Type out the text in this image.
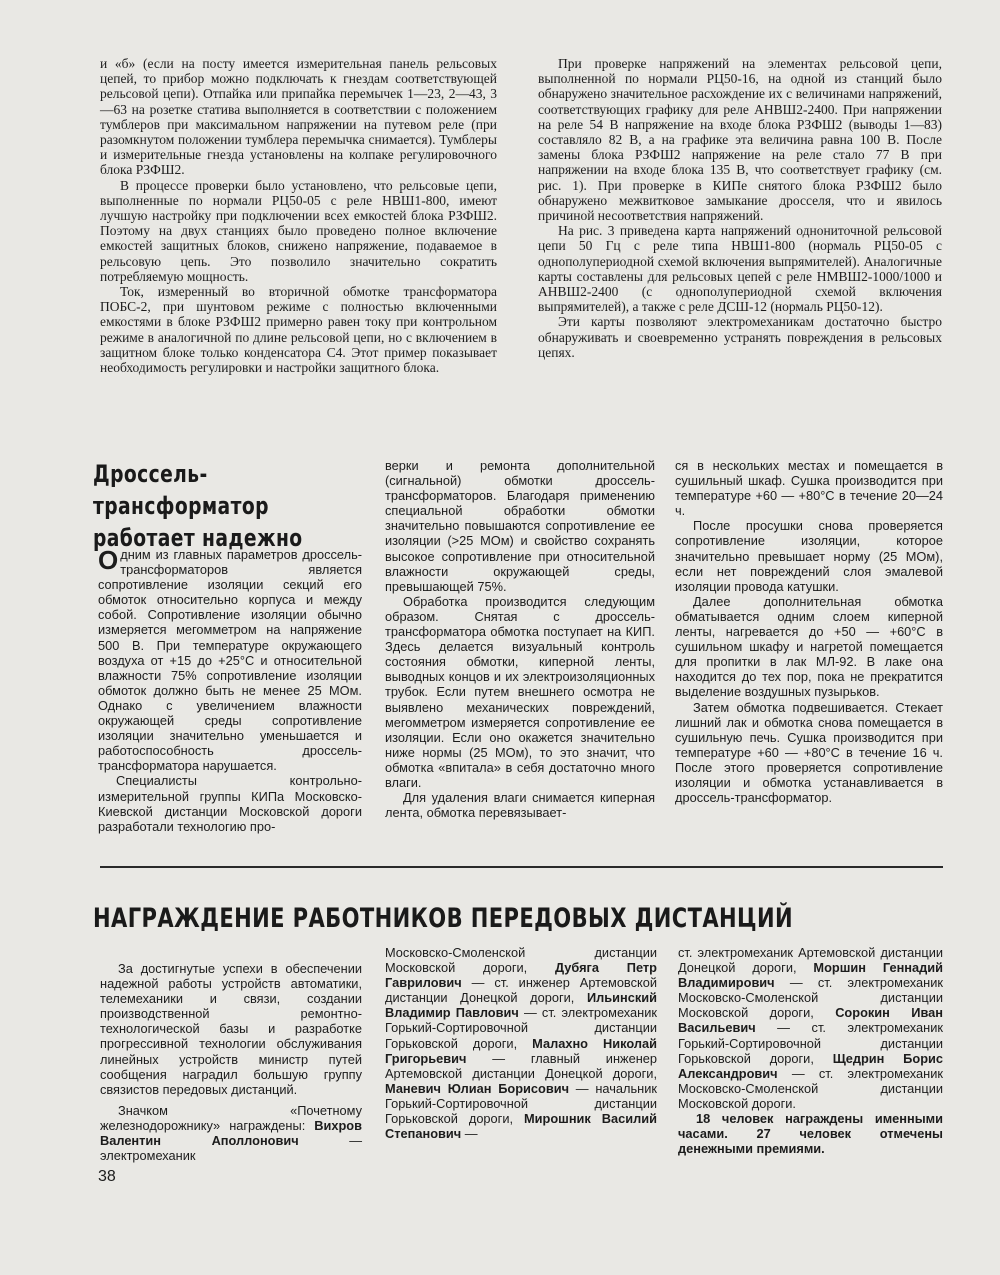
и «б» (если на посту имеется измерительная панель рельсовых цепей, то прибор можно подключать к гнездам соответствующей рельсовой цепи). Отпайка или припайка перемычек 1—23, 2—43, 3—63 на розетке статива выполняется в соответствии с положением тумблеров при максимальном напряжении на путевом реле (при разомкнутом положении тумблера перемычка снимается). Тумблеры и измерительные гнезда установлены на колпаке регулировочного блока РЗФШ2.

В процессе проверки было установлено, что рельсовые цепи, выполненные по нормали РЦ50-05 с реле НВШ1-800, имеют лучшую настройку при подключении всех емкостей блока РЗФШ2. Поэтому на двух станциях было проведено полное включение емкостей защитных блоков, снижено напряжение, подаваемое в рельсовую цепь. Это позволило значительно сократить потребляемую мощность.

Ток, измеренный во вторичной обмотке трансформатора ПОБС-2, при шунтовом режиме с полностью включенными емкостями в блоке РЗФШ2 примерно равен току при контрольном режиме в аналогичной по длине рельсовой цепи, но с включением в защитном блоке только конденсатора С4. Этот пример показывает необходимость регулировки и настройки защитного блока.

При проверке напряжений на элементах рельсовой цепи, выполненной по нормали РЦ50-16, на одной из станций было обнаружено значительное расхождение их с величинами напряжений, соответствующих графику для реле АНВШ2-2400. При напряжении на реле 54 В напряжение на входе блока РЗФШ2 (выводы 1—83) составляло 82 В, а на графике эта величина равна 100 В. После замены блока РЗФШ2 напряжение на реле стало 77 В при напряжении на входе блока 135 В, что соответствует графику (см. рис. 1). При проверке в КИПе снятого блока РЗФШ2 было обнаружено межвитковое замыкание дросселя, что и явилось причиной несоответствия напряжений.

На рис. 3 приведена карта напряжений однониточной рельсовой цепи 50 Гц с реле типа НВШ1-800 (нормаль РЦ50-05 с однополупериодной схемой включения выпрямителей). Аналогичные карты составлены для рельсовых цепей с реле НМВШ2-1000/1000 и АНВШ2-2400 (с однополупериодной схемой включения выпрямителей), а также с реле ДСШ-12 (нормаль РЦ50-12).

Эти карты позволяют электромеханикам достаточно быстро обнаруживать и своевременно устранять повреждения в рельсовых цепях.

Дроссель-трансформатор
работает надежно

Одним из главных параметров дроссель-трансформаторов является сопротивление изоляции секций его обмоток относительно корпуса и между собой. Сопротивление изоляции обычно измеряется мегомметром на напряжение 500 В. При температуре окружающего воздуха от +15 до +25°С и относительной влажности 75% сопротивление изоляции обмоток должно быть не менее 25 МОм. Однако с увеличением влажности окружающей среды сопротивление изоляции значительно уменьшается и работоспособность дроссель-трансформатора нарушается.

Специалисты контрольно-измерительной группы КИПа Московско-Киевской дистанции Московской дороги разработали технологию про-

верки и ремонта дополнительной (сигнальной) обмотки дроссель-трансформаторов. Благодаря применению специальной обработки обмотки значительно повышаются сопротивление ее изоляции (>25 МОм) и свойство сохранять высокое сопротивление при относительной влажности окружающей среды, превышающей 75%.

Обработка производится следующим образом. Снятая с дроссель-трансформатора обмотка поступает на КИП. Здесь делается визуальный контроль состояния обмотки, киперной ленты, выводных концов и их электроизоляционных трубок. Если путем внешнего осмотра не выявлено механических повреждений, мегомметром измеряется сопротивление ее изоляции. Если оно окажется значительно ниже нормы (25 МОм), то это значит, что обмотка «впитала» в себя достаточно много влаги.

Для удаления влаги снимается киперная лента, обмотка перевязывает-

ся в нескольких местах и помещается в сушильный шкаф. Сушка производится при температуре +60 — +80°С в течение 20—24 ч.

После просушки снова проверяется сопротивление изоляции, которое значительно превышает норму (25 МОм), если нет повреждений слоя эмалевой изоляции провода катушки.

Далее дополнительная обмотка обматывается одним слоем киперной ленты, нагревается до +50 — +60°С в сушильном шкафу и нагретой помещается для пропитки в лак МЛ-92. В лаке она находится до тех пор, пока не прекратится выделение воздушных пузырьков.

Затем обмотка подвешивается. Стекает лишний лак и обмотка снова помещается в сушильную печь. Сушка производится при температуре +60 — +80°С в течение 16 ч. После этого проверяется сопротивление изоляции и обмотка устанавливается в дроссель-трансформатор.

НАГРАЖДЕНИЕ РАБОТНИКОВ ПЕРЕДОВЫХ ДИСТАНЦИЙ

За достигнутые успехи в обеспечении надежной работы устройств автоматики, телемеханики и связи, создании производственной ремонтно-технологической базы и разработке прогрессивной технологии обслуживания линейных устройств министр путей сообщения наградил большую группу связистов передовых дистанций.

Значком «Почетному железнодорожнику» награждены: Вихров Валентин Аполлонович — электромеханик

Московско-Смоленской дистанции Московской дороги, Дубяга Петр Гаврилович — ст. инженер Артемовской дистанции Донецкой дороги, Ильинский Владимир Павлович — ст. электромеханик Горький-Сортировочной дистанции Горьковской дороги, Малахно Николай Григорьевич — главный инженер Артемовской дистанции Донецкой дороги, Маневич Юлиан Борисович — начальник Горький-Сортировочной дистанции Горьковской дороги, Мирошник Василий Степанович —

ст. электромеханик Артемовской дистанции Донецкой дороги, Моршин Геннадий Владимирович — ст. электромеханик Московско-Смоленской дистанции Московской дороги, Сорокин Иван Васильевич — ст. электромеханик Горький-Сортировочной дистанции Горьковской дороги, Щедрин Борис Александрович — ст. электромеханик Московско-Смоленской дистанции Московской дороги.

18 человек награждены именными часами. 27 человек отмечены денежными премиями.

38
